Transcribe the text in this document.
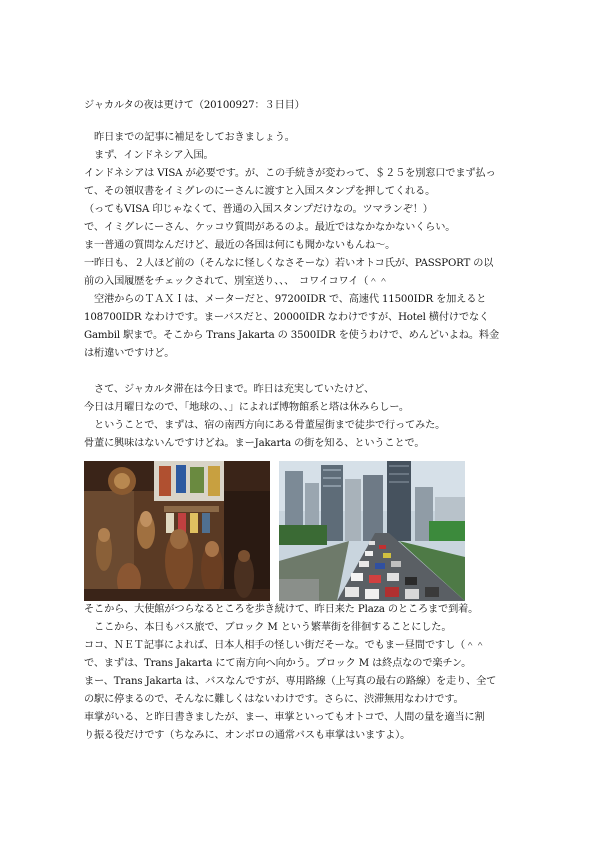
ジャカルタの夜は更けて（20100927：３日目）
　昨日までの記事に補足をしておきましょう。
　まず、インドネシア入国。
インドネシアは VISA が必要です。が、この手続きが変わって、＄２５を別窓口でまず払っ
て、その領収書をイミグレのにーさんに渡すと入国スタンプを押してくれる。
（ってもVISA 印じゃなくて、普通の入国スタンプだけなの。ツマランぞ！）
で、イミグレにーさん、ケッコウ質問があるのよ。最近ではなかなかないくらい。
ま一普通の質問なんだけど、最近の各国は何にも聞かないもんね〜。
一昨日も、２人ほど前の（そんなに怪しくなさそーな）若いオトコ氏が、PASSPORT の以
前の入国履歴をチェックされて、別室送り、、、　コワイコワイ（＾＾
　空港からのＴＡＸＩは、メーターだと、97200IDR で、高速代 11500IDR を加えると
108700IDR なわけです。まーバスだと、20000IDR なわけですが、Hotel 横付けでなく
Gambil 駅まで。そこから Trans Jakarta の 3500IDR を使うわけで、めんどいよね。料金
は桁違いですけど。
　さて、ジャカルタ滞在は今日まで。昨日は充実していたけど、
今日は月曜日なので、「地球の、、」によれば博物館系と塔は休みらしー。
　ということで、まずは、宿の南西方向にある骨董屋街まで徒歩で行ってみた。
骨董に興味はないんですけどね。まーJakarta の街を知る、ということで。
そこから、大使館がつらなるところを歩き続けて、昨日来た Plaza のところまで到着。
　ここから、本日もバス旅で、ブロック M という繁華街を徘徊することにした。
ココ、ＮＥＴ記事によれば、日本人相手の怪しい街だそーな。でもまー昼間ですし（＾＾
で、まずは、Trans Jakarta にて南方向へ向かう。ブロック M は終点なので楽チン。
まー、Trans Jakarta は、バスなんですが、専用路線（上写真の最右の路線）を走り、全て
の駅に停まるので、そんなに難しくはないわけです。さらに、渋滞無用なわけです。
車掌がいる、と昨日書きましたが、まー、車掌といってもオトコで、人間の量を適当に割
り振る役だけです（ちなみに、オンボロの通常バスも車掌はいますよ）。
